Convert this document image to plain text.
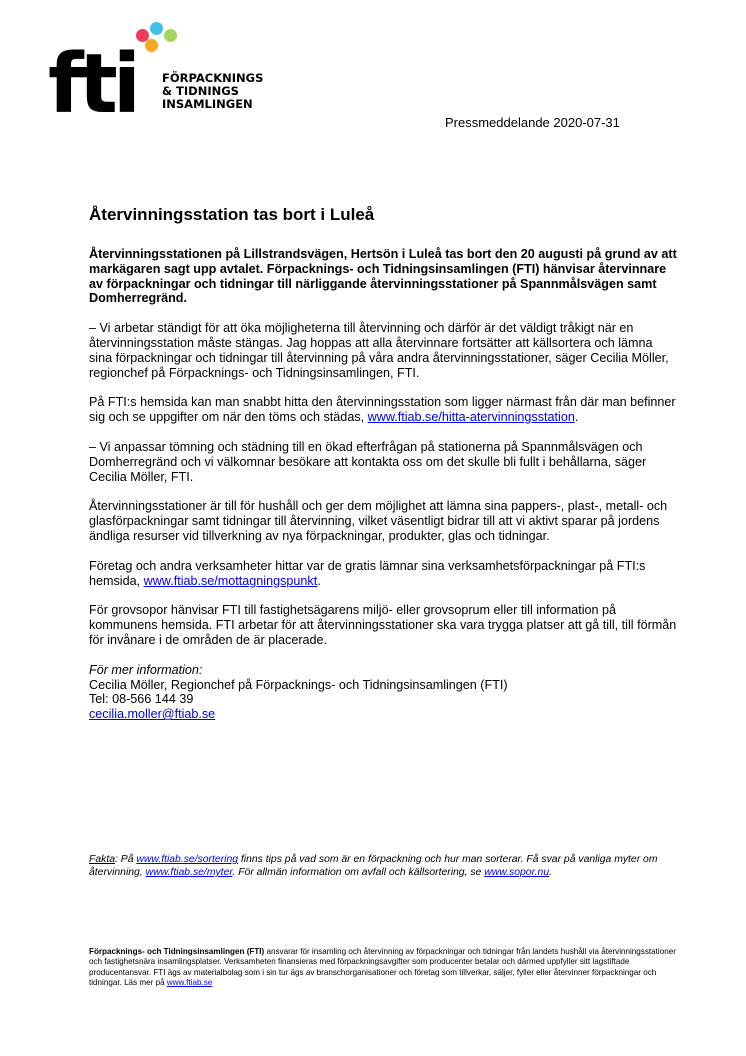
fti FÖRPACKNINGS
& TIDNINGS
INSAMLINGEN
Pressmeddelande 2020-07-31
Återvinningsstation tas bort i Luleå

Återvinningsstationen på Lillstrandsvägen, Hertsön i Luleå tas bort den 20 augusti på grund av att markägaren sagt upp avtalet. Förpacknings- och Tidningsinsamlingen (FTI) hänvisar återvinnare av förpackningar och tidningar till närliggande återvinningsstationer på Spannmålsvägen samt Domherregränd.

– Vi arbetar ständigt för att öka möjligheterna till återvinning och därför är det väldigt tråkigt när en återvinningsstation måste stängas. Jag hoppas att alla återvinnare fortsätter att källsortera och lämna sina förpackningar och tidningar till återvinning på våra andra återvinningsstationer, säger Cecilia Möller, regionchef på Förpacknings- och Tidningsinsamlingen, FTI.

På FTI:s hemsida kan man snabbt hitta den återvinningsstation som ligger närmast från där man befinner sig och se uppgifter om när den töms och städas, www.ftiab.se/hitta-atervinningsstation.

– Vi anpassar tömning och städning till en ökad efterfrågan på stationerna på Spannmålsvägen och Domherregränd och vi välkomnar besökare att kontakta oss om det skulle bli fullt i behållarna, säger Cecilia Möller, FTI.

Återvinningsstationer är till för hushåll och ger dem möjlighet att lämna sina pappers-, plast-, metall- och glasförpackningar samt tidningar till återvinning, vilket väsentligt bidrar till att vi aktivt sparar på jordens ändliga resurser vid tillverkning av nya förpackningar, produkter, glas och tidningar.

Företag och andra verksamheter hittar var de gratis lämnar sina verksamhetsförpackningar på FTI:s hemsida, www.ftiab.se/mottagningspunkt.

För grovsopor hänvisar FTI till fastighetsägarens miljö- eller grovsoprum eller till information på kommunens hemsida. FTI arbetar för att återvinningsstationer ska vara trygga platser att gå till, till förmån för invånare i de områden de är placerade.

För mer information:
Cecilia Möller, Regionchef på Förpacknings- och Tidningsinsamlingen (FTI)
Tel: 08-566 144 39
cecilia.moller@ftiab.se
Fakta: På www.ftiab.se/sortering finns tips på vad som är en förpackning och hur man sorterar. Få svar på vanliga myter om återvinning, www.ftiab.se/myter. För allmän information om avfall och källsortering, se www.sopor.nu.
Förpacknings- och Tidningsinsamlingen (FTI) ansvarar för insamling och återvinning av förpackningar och tidningar från landets hushåll via återvinningsstationer och fastighetsnära insamlingsplatser. Verksamheten finansieras med förpackningsavgifter som producenter betalar och därmed uppfyller sitt lagstiftade producentansvar. FTI ägs av materialbolag som i sin tur ägs av branschorganisationer och företag som tillverkar, säljer, fyller eller återvinner förpackningar och tidningar. Läs mer på www.ftiab.se
